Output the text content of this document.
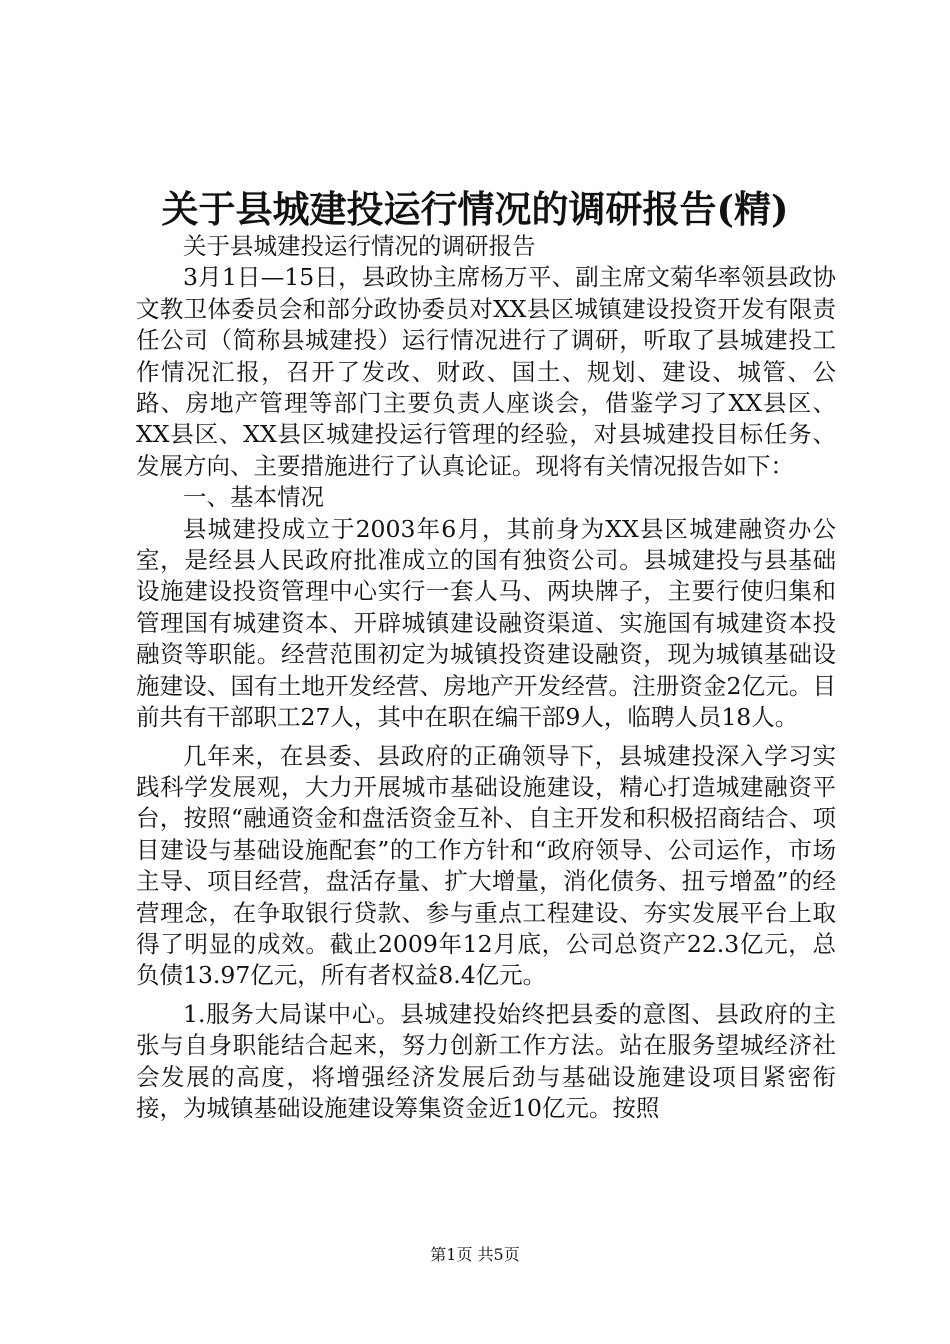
关于县城建投运行情况的调研报告(精)

关于县城建投运行情况的调研报告

3月1日—15日，县政协主席杨万平、副主席文菊华率领县政协文教卫体委员会和部分政协委员对XX县区城镇建设投资开发有限责任公司（简称县城建投）运行情况进行了调研，听取了县城建投工作情况汇报，召开了发改、财政、国土、规划、建设、城管、公路、房地产管理等部门主要负责人座谈会，借鉴学习了XX县区、XX县区、XX县区城建投运行管理的经验，对县城建投目标任务、发展方向、主要措施进行了认真论证。现将有关情况报告如下：

一、基本情况

县城建投成立于2003年6月，其前身为XX县区城建融资办公室，是经县人民政府批准成立的国有独资公司。县城建投与县基础设施建设投资管理中心实行一套人马、两块牌子，主要行使归集和管理国有城建资本、开辟城镇建设融资渠道、实施国有城建资本投融资等职能。经营范围初定为城镇投资建设融资，现为城镇基础设施建设、国有土地开发经营、房地产开发经营。注册资金2亿元。目前共有干部职工27人，其中在职在编干部9人，临聘人员18人。

几年来，在县委、县政府的正确领导下，县城建投深入学习实践科学发展观，大力开展城市基础设施建设，精心打造城建融资平台，按照“融通资金和盘活资金互补、自主开发和积极招商结合、项目建设与基础设施配套”的工作方针和“政府领导、公司运作，市场主导、项目经营，盘活存量、扩大增量，消化债务、扭亏增盈”的经营理念，在争取银行贷款、参与重点工程建设、夯实发展平台上取得了明显的成效。截止2009年12月底，公司总资产22.3亿元，总负债13.97亿元，所有者权益8.4亿元。

1.服务大局谋中心。县城建投始终把县委的意图、县政府的主张与自身职能结合起来，努力创新工作方法。站在服务望城经济社会发展的高度，将增强经济发展后劲与基础设施建设项目紧密衔接，为城镇基础设施建设筹集资金近10亿元。按照

第1页 共5页
